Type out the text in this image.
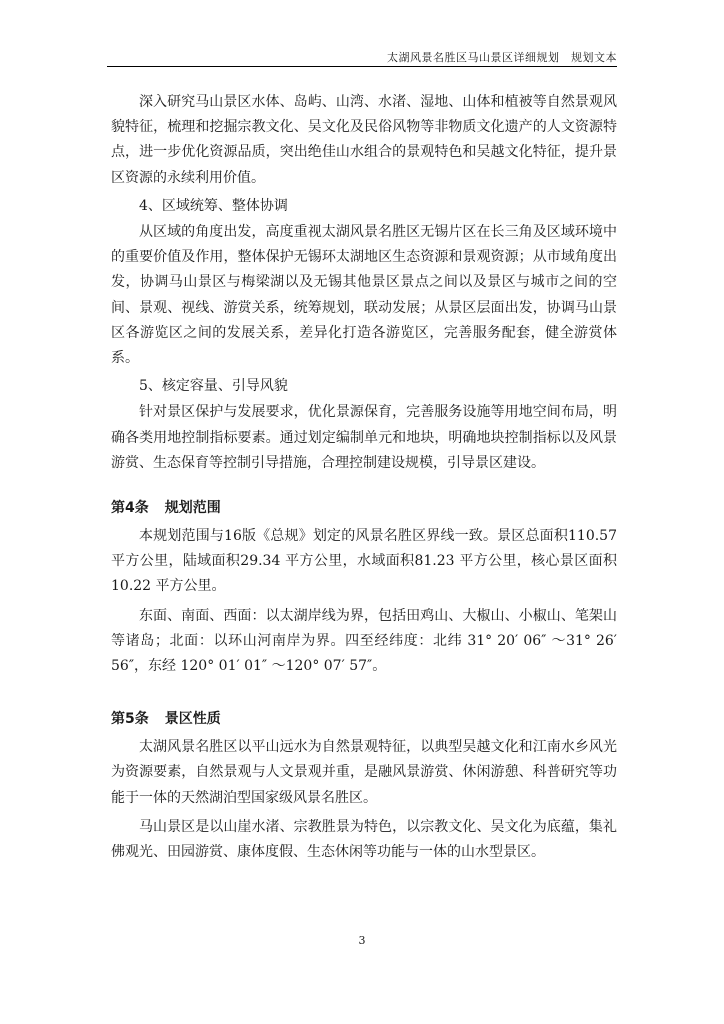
太湖风景名胜区马山景区详细规划　规划文本

深入研究马山景区水体、岛屿、山湾、水渚、湿地、山体和植被等自然景观风貌特征，梳理和挖掘宗教文化、吴文化及民俗风物等非物质文化遗产的人文资源特点，进一步优化资源品质，突出绝佳山水组合的景观特色和吴越文化特征，提升景区资源的永续利用价值。

4、区域统筹、整体协调

从区域的角度出发，高度重视太湖风景名胜区无锡片区在长三角及区域环境中的重要价值及作用，整体保护无锡环太湖地区生态资源和景观资源；从市域角度出发，协调马山景区与梅梁湖以及无锡其他景区景点之间以及景区与城市之间的空间、景观、视线、游赏关系，统筹规划，联动发展；从景区层面出发，协调马山景区各游览区之间的发展关系，差异化打造各游览区，完善服务配套，健全游赏体系。

5、核定容量、引导风貌

针对景区保护与发展要求，优化景源保育，完善服务设施等用地空间布局，明确各类用地控制指标要素。通过划定编制单元和地块，明确地块控制指标以及风景游赏、生态保育等控制引导措施，合理控制建设规模，引导景区建设。

第4条 规划范围

本规划范围与16版《总规》划定的风景名胜区界线一致。景区总面积110.57平方公里，陆域面积29.34 平方公里，水域面积81.23 平方公里，核心景区面积10.22 平方公里。

东面、南面、西面：以太湖岸线为界，包括田鸡山、大椒山、小椒山、笔架山等诸岛；北面：以环山河南岸为界。四至经纬度：北纬 31° 20′ 06″ ～31° 26′ 56″，东经 120° 01′ 01″ ～120° 07′ 57″。

第5条 景区性质

太湖风景名胜区以平山远水为自然景观特征，以典型吴越文化和江南水乡风光为资源要素，自然景观与人文景观并重，是融风景游赏、休闲游憩、科普研究等功能于一体的天然湖泊型国家级风景名胜区。

马山景区是以山崖水渚、宗教胜景为特色，以宗教文化、吴文化为底蕴，集礼佛观光、田园游赏、康体度假、生态休闲等功能与一体的山水型景区。

3
